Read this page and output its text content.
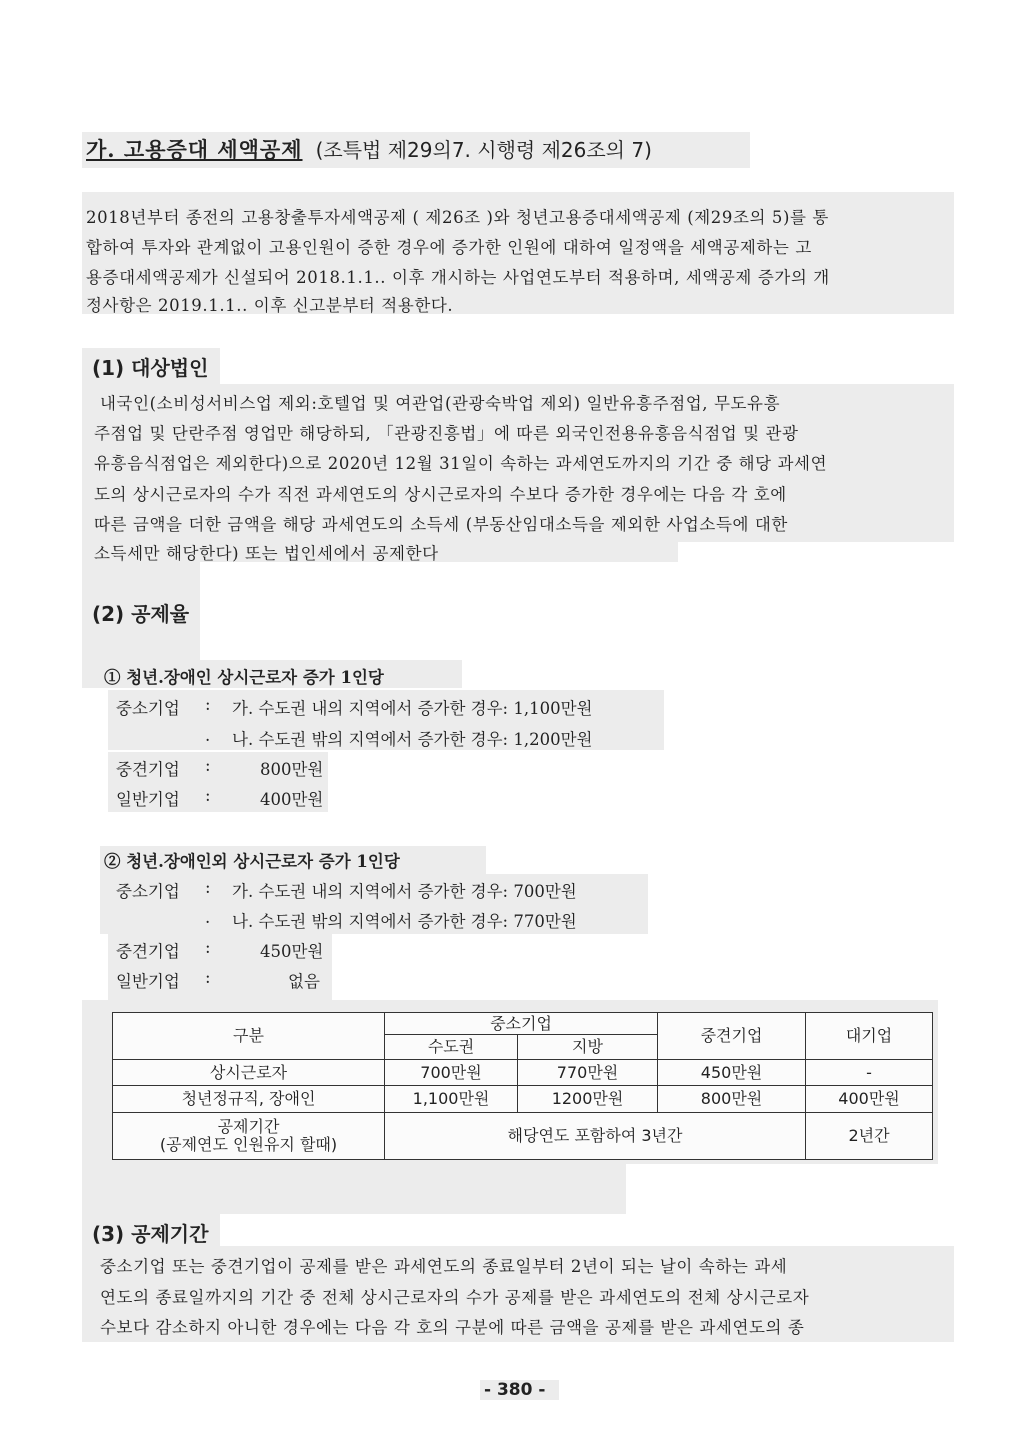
가. 고용증대 세액공제 (조특법 제29의7. 시행령 제26조의 7)
2018년부터 종전의 고용창출투자세액공제 ( 제26조 )와 청년고용증대세액공제 (제29조의 5)를 통
합하여 투자와 관계없이 고용인원이 증한 경우에 증가한 인원에 대하여 일정액을 세액공제하는 고
용증대세액공제가 신설되어 2018.1.1.. 이후 개시하는 사업연도부터 적용하며, 세액공제 증가의 개
정사항은 2019.1.1.. 이후 신고분부터 적용한다.
(1) 대상법인
내국인(소비성서비스업 제외:호텔업 및 여관업(관광숙박업 제외) 일반유흥주점업, 무도유흥
주점업 및 단란주점 영업만 해당하되, 「관광진흥법」에 따른 외국인전용유흥음식점업 및 관광
유흥음식점업은 제외한다)으로 2020년 12월 31일이 속하는 과세연도까지의 기간 중 해당 과세연
도의 상시근로자의 수가 직전 과세연도의 상시근로자의 수보다 증가한 경우에는 다음 각 호에
따른 금액을 더한 금액을 해당 과세연도의 소득세 (부동산임대소득을 제외한 사업소득에 대한
소득세만 해당한다) 또는 법인세에서 공제한다
(2) 공제율
① 청년.장애인 상시근로자 증가 1인당
중소기업 : 가. 수도권 내의 지역에서 증가한 경우: 1,100만원
. 나. 수도권 밖의 지역에서 증가한 경우: 1,200만원
중견기업 :	800만원
일반기업 :	400만원
② 청년.장애인외 상시근로자 증가 1인당
중소기업 : 가. 수도권 내의 지역에서 증가한 경우: 700만원
. 나. 수도권 밖의 지역에서 증가한 경우: 770만원
중견기업 :	450만원
일반기업 :	없음
구분	중소기업		중견기업	대기업
	수도권	지방		
상시근로자	700만원	770만원	450만원	-
청년정규직, 장애인	1,100만원	1200만원	800만원	400만원

공제기간
(공제연도 인원유지 할때)	해당연도 포함하여 3년간			2년간
(3) 공제기간
중소기업 또는 중견기업이 공제를 받은 과세연도의 종료일부터 2년이 되는 날이 속하는 과세
연도의 종료일까지의 기간 중 전체 상시근로자의 수가 공제를 받은 과세연도의 전체 상시근로자
수보다 감소하지 아니한 경우에는 다음 각 호의 구분에 따른 금액을 공제를 받은 과세연도의 종
- 380 -
